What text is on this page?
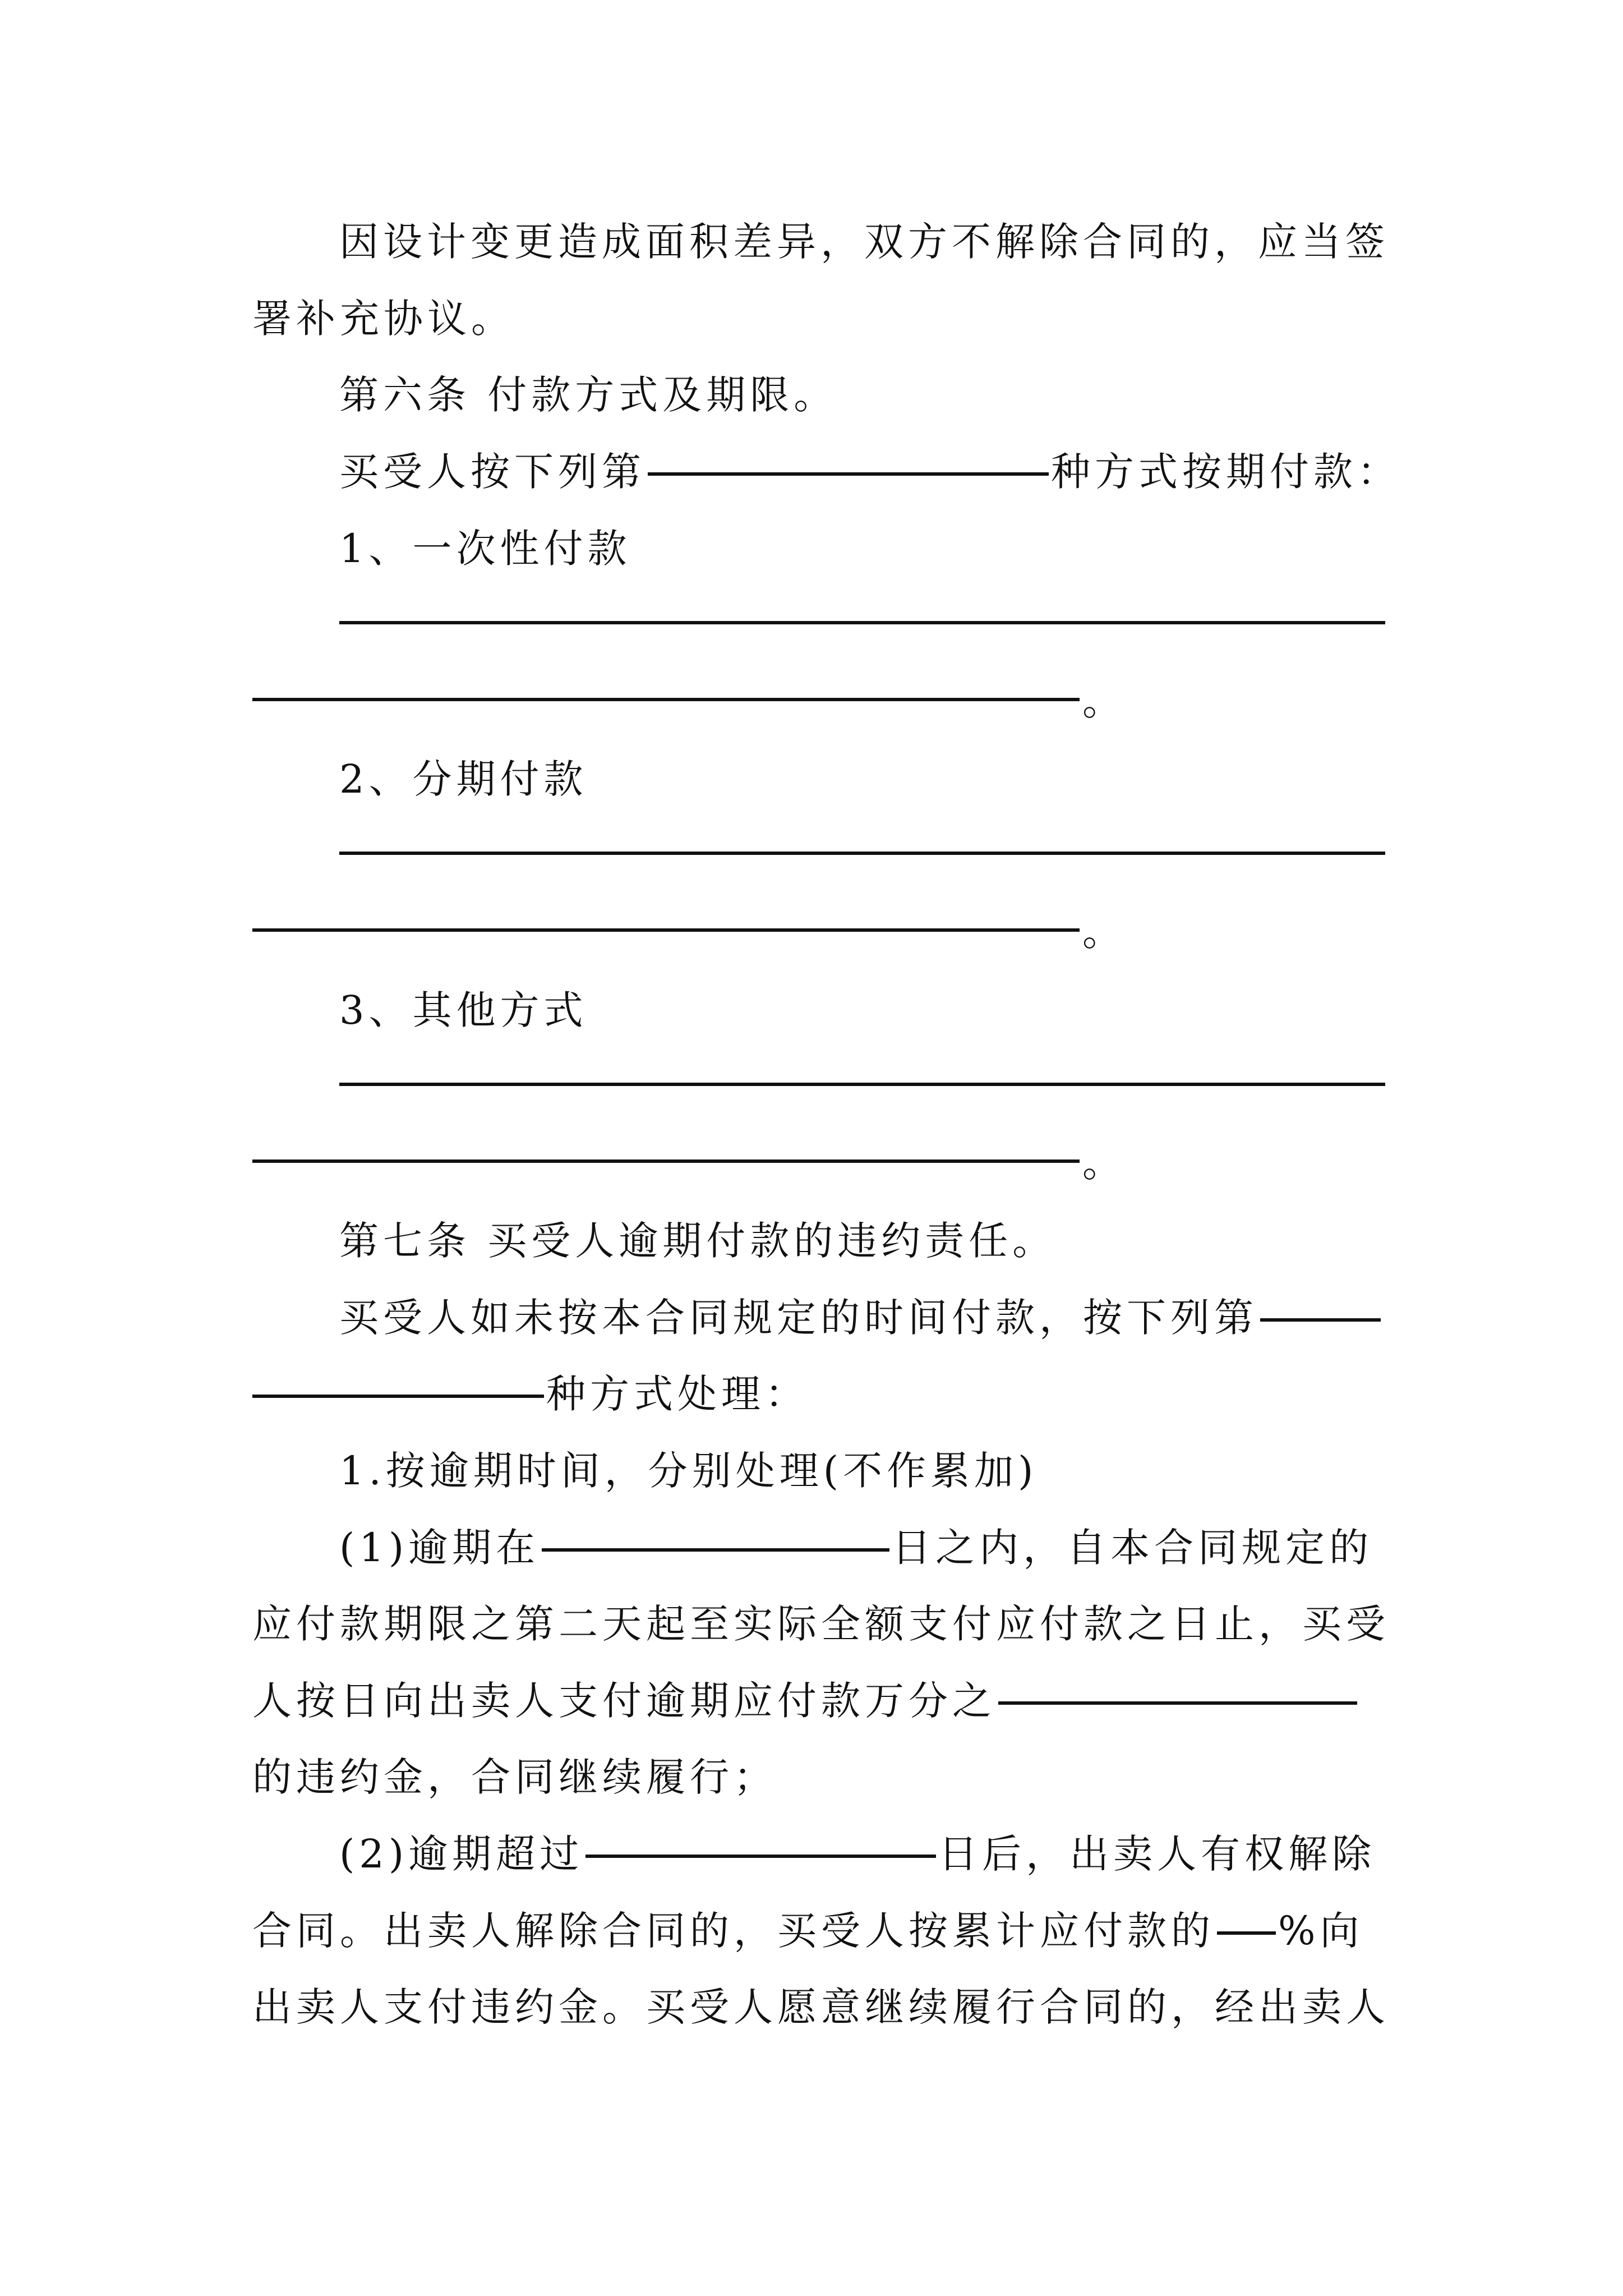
因设计变更造成面积差异，双方不解除合同的，应当签
署补充协议。
第六条 付款方式及期限。
买受人按下列第	种方式按期付款：
1、一次性付款
。
2、分期付款
。
3、其他方式
。
第七条 买受人逾期付款的违约责任。
买受人如未按本合同规定的时间付款，按下列第
种方式处理：
1.按逾期时间，分别处理(不作累加)
(1)逾期在	日之内，自本合同规定的
应付款期限之第二天起至实际全额支付应付款之日止，买受
人按日向出卖人支付逾期应付款万分之
的违约金，合同继续履行；
(2)逾期超过	日后，出卖人有权解除
合同。出卖人解除合同的，买受人按累计应付款的 %向
出卖人支付违约金。买受人愿意继续履行合同的，经出卖人
